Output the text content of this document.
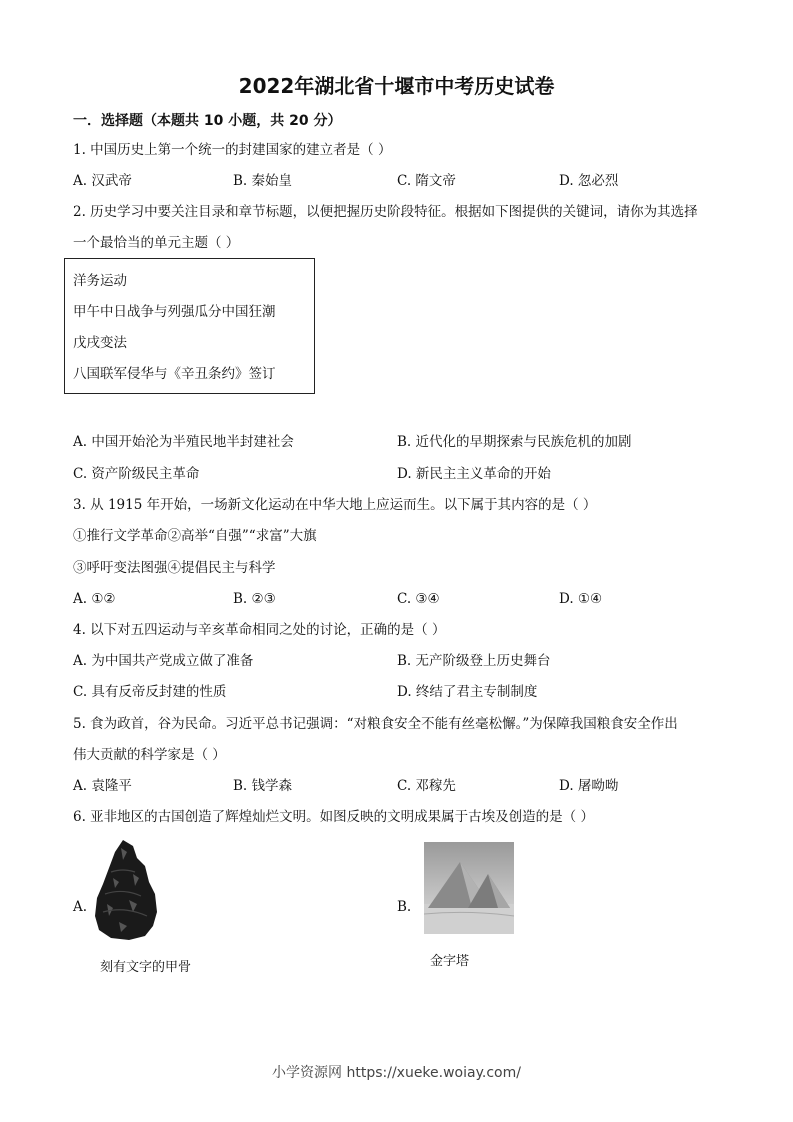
2022年湖北省十堰市中考历史试卷
一．选择题（本题共 10 小题，共 20 分）
1. 中国历史上第一个统一的封建国家的建立者是（ ）
A. 汉武帝	B. 秦始皇	C. 隋文帝	D. 忽必烈
2. 历史学习中要关注目录和章节标题，以便把握历史阶段特征。根据如下图提供的关键词，请你为其选择
一个最恰当的单元主题（ ）
洋务运动
甲午中日战争与列强瓜分中国狂潮
戊戌变法
八国联军侵华与《辛丑条约》签订
A. 中国开始沦为半殖民地半封建社会	B. 近代化的早期探索与民族危机的加剧
C. 资产阶级民主革命	D. 新民主主义革命的开始
3. 从 1915 年开始，一场新文化运动在中华大地上应运而生。以下属于其内容的是（ ）
①推行文学革命②高举“自强”“求富”大旗
③呼吁变法图强④提倡民主与科学
A. ①②	B. ②③	C. ③④	D. ①④
4. 以下对五四运动与辛亥革命相同之处的讨论，正确的是（ ）
A. 为中国共产党成立做了准备	B. 无产阶级登上历史舞台
C. 具有反帝反封建的性质	D. 终结了君主专制制度
5. 食为政首，谷为民命。习近平总书记强调：“对粮食安全不能有丝毫松懈。”为保障我国粮食安全作出
伟大贡献的科学家是（ ）
A. 袁隆平	B. 钱学森	C. 邓稼先	D. 屠呦呦
6. 亚非地区的古国创造了辉煌灿烂文明。如图反映的文明成果属于古埃及创造的是（ ）
A.
刻有文字的甲骨
B.
金字塔
小学资源网 https://xueke.woiay.com/
